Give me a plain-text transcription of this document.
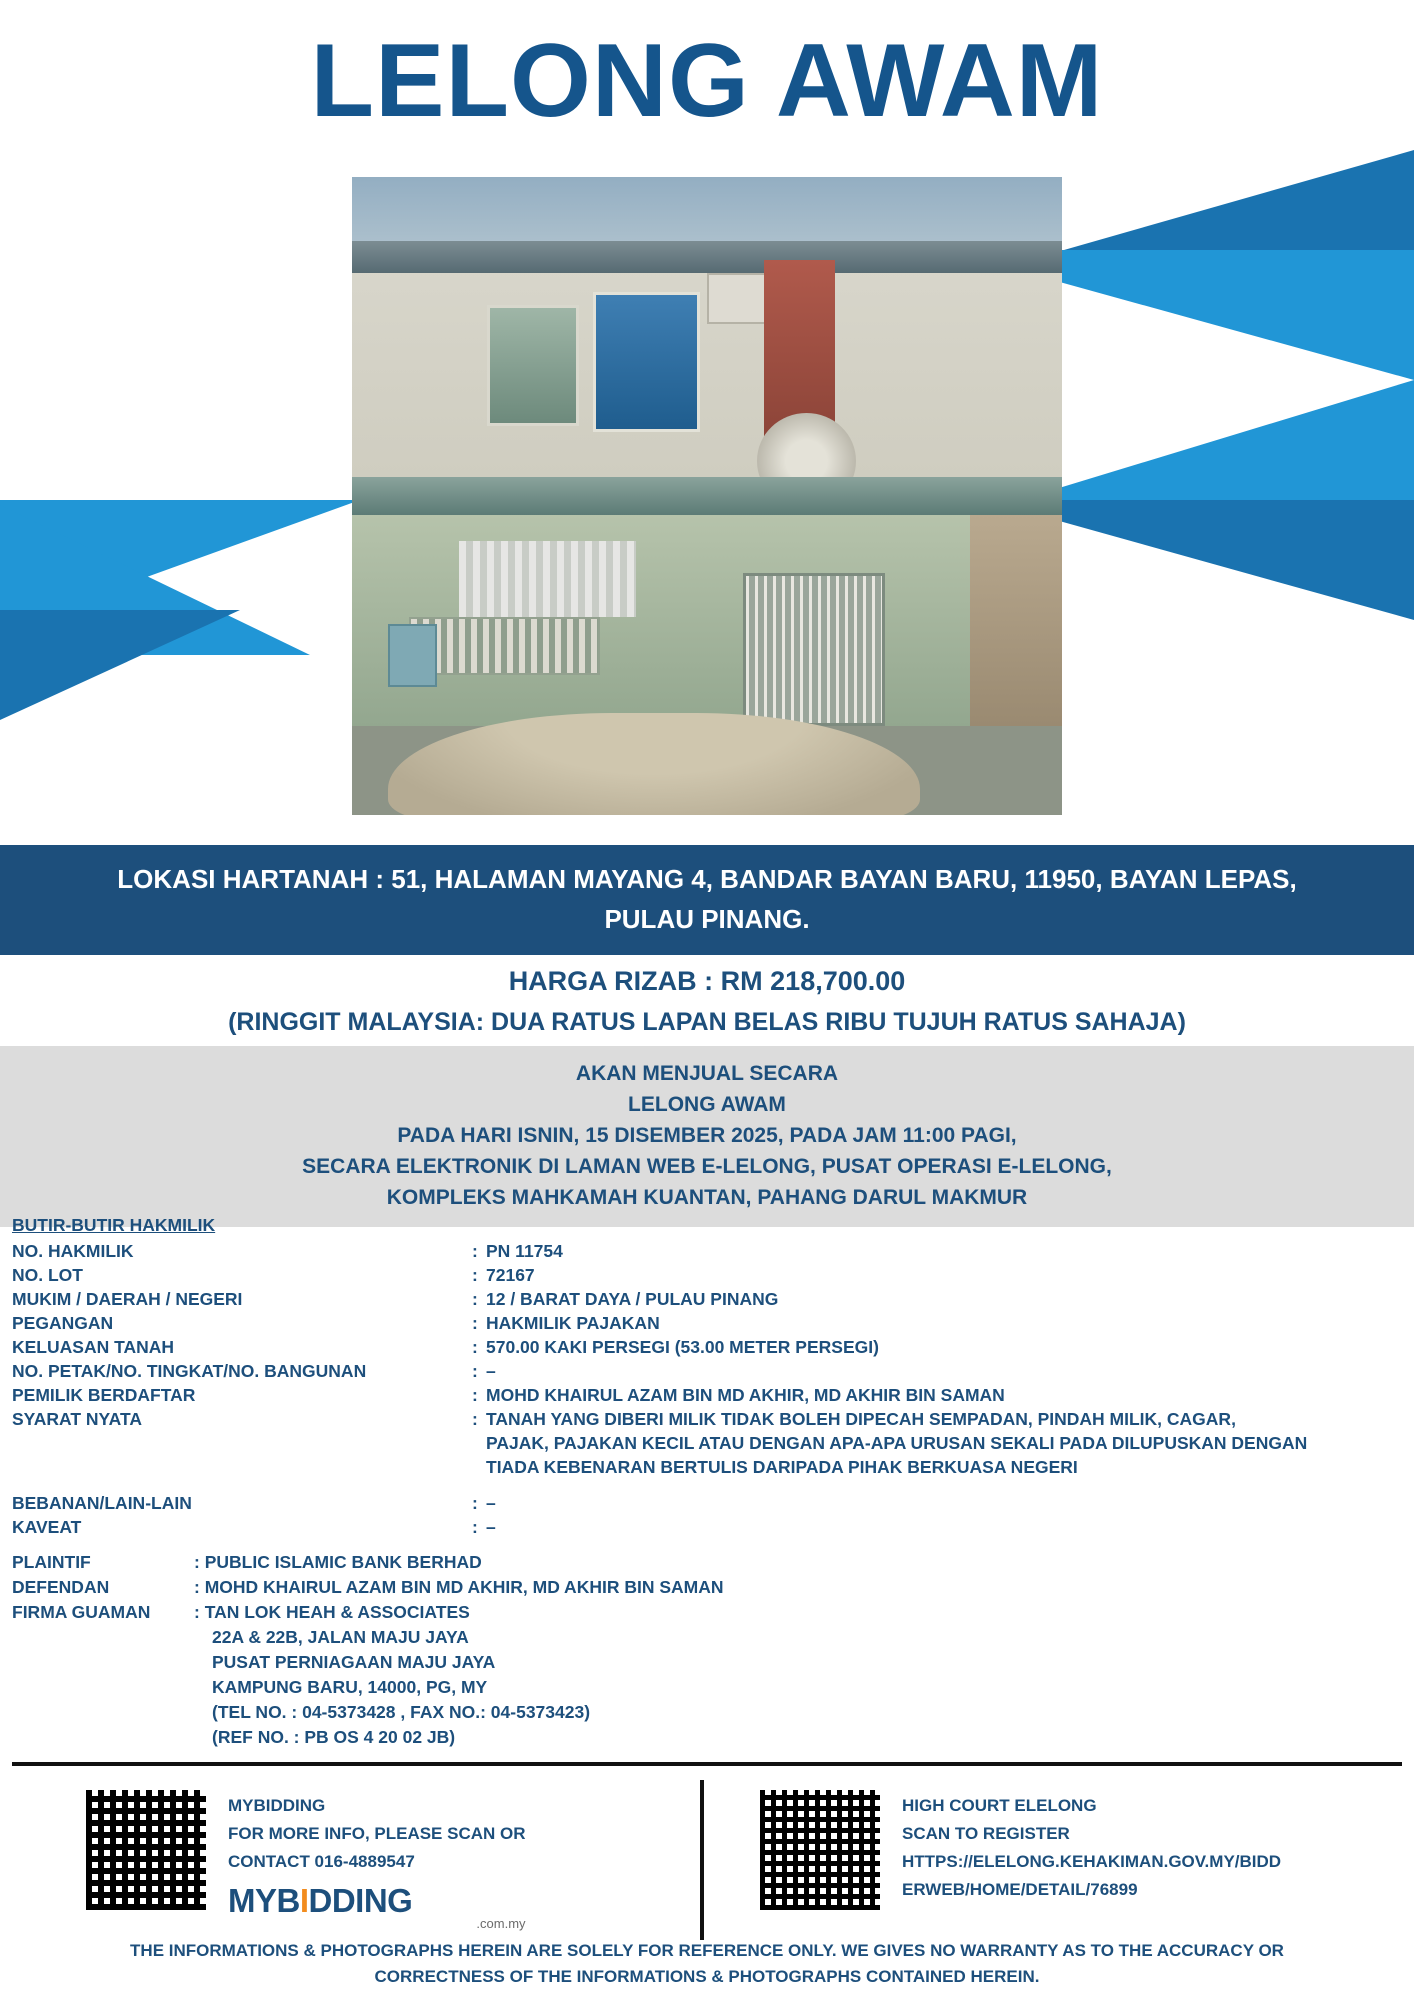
LELONG AWAM
LOKASI HARTANAH : 51, HALAMAN MAYANG 4, BANDAR BAYAN BARU, 11950, BAYAN LEPAS, PULAU PINANG.
HARGA RIZAB : RM 218,700.00
(RINGGIT MALAYSIA: DUA RATUS LAPAN BELAS RIBU TUJUH RATUS SAHAJA)
AKAN MENJUAL SECARA
LELONG AWAM
PADA HARI ISNIN, 15 DISEMBER 2025, PADA JAM 11:00 PAGI,
SECARA ELEKTRONIK DI LAMAN WEB E-LELONG, PUSAT OPERASI E-LELONG,
KOMPLEKS MAHKAMAH KUANTAN, PAHANG DARUL MAKMUR
BUTIR-BUTIR HAKMILIK
NO. HAKMILIK	: PN 11754
NO. LOT	: 72167
MUKIM / DAERAH / NEGERI	: 12 / BARAT DAYA / PULAU PINANG
PEGANGAN	: HAKMILIK PAJAKAN
KELUASAN TANAH	: 570.00 KAKI PERSEGI (53.00 METER PERSEGI)
NO. PETAK/NO. TINGKAT/NO. BANGUNAN	: –
PEMILIK BERDAFTAR	: MOHD KHAIRUL AZAM BIN MD AKHIR, MD AKHIR BIN SAMAN
SYARAT NYATA	: TANAH YANG DIBERI MILIK TIDAK BOLEH DIPECAH SEMPADAN, PINDAH MILIK, CAGAR,
PAJAK, PAJAKAN KECIL ATAU DENGAN APA-APA URUSAN SEKALI PADA DILUPUSKAN DENGAN
TIADA KEBENARAN BERTULIS DARIPADA PIHAK BERKUASA NEGERI
BEBANAN/LAIN-LAIN	: –
KAVEAT	: –
PLAINTIF	: PUBLIC ISLAMIC BANK BERHAD
DEFENDAN	: MOHD KHAIRUL AZAM BIN MD AKHIR, MD AKHIR BIN SAMAN
FIRMA GUAMAN	: TAN LOK HEAH & ASSOCIATES
22A & 22B, JALAN MAJU JAYA
PUSAT PERNIAGAAN MAJU JAYA
KAMPUNG BARU, 14000, PG, MY
(TEL NO. : 04-5373428 , FAX NO.: 04-5373423)
(REF NO. : PB OS 4 20 02 JB)
MYBIDDING
FOR MORE INFO, PLEASE SCAN OR
CONTACT 016-4889547
MYBIDDING
.com.my
HIGH COURT ELELONG
SCAN TO REGISTER
HTTPS://ELELONG.KEHAKIMAN.GOV.MY/BIDD
ERWEB/HOME/DETAIL/76899
THE INFORMATIONS & PHOTOGRAPHS HEREIN ARE SOLELY FOR REFERENCE ONLY. WE GIVES NO WARRANTY AS TO THE ACCURACY OR
CORRECTNESS OF THE INFORMATIONS & PHOTOGRAPHS CONTAINED HEREIN.
